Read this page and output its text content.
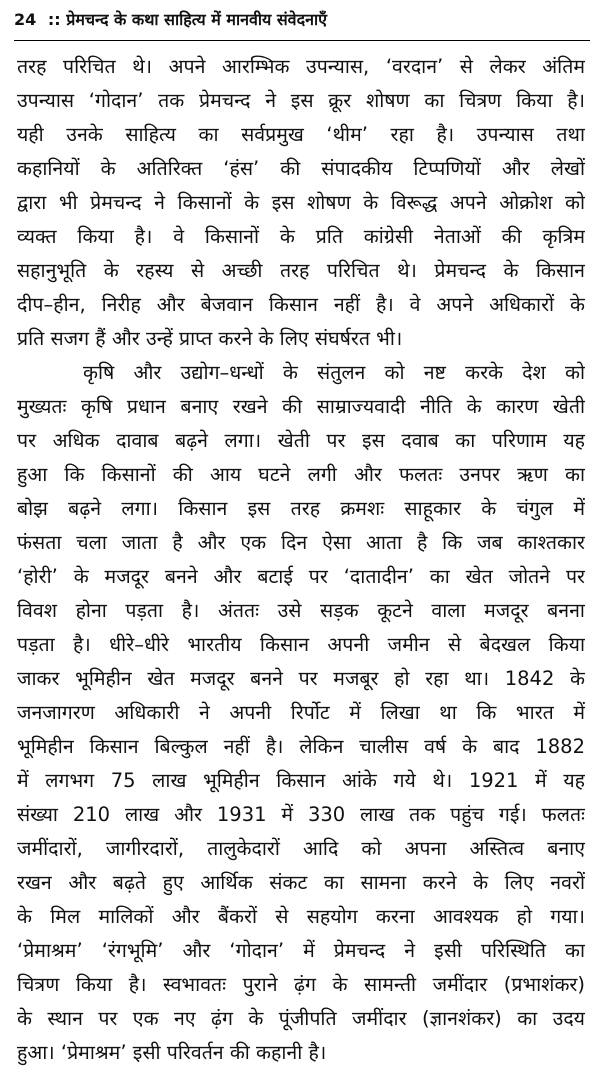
24 :: प्रेमचन्द के कथा साहित्य में मानवीय संवेदनाएँ
तरह परिचित थे। अपने आरम्भिक उपन्यास, ‘वरदान’ से लेकर अंतिम
उपन्यास ‘गोदान’ तक प्रेमचन्द ने इस क्रूर शोषण का चित्रण किया है।
यही उनके साहित्य का सर्वप्रमुख ‘थीम’ रहा है। उपन्यास तथा
कहानियों के अतिरिक्त ‘हंस’ की संपादकीय टिप्पणियों और लेखों
द्वारा भी प्रेमचन्द ने किसानों के इस शोषण के विरूद्ध अपने ओक्रोश को
व्यक्त किया है। वे किसानों के प्रति कांग्रेसी नेताओं की कृत्रिम
सहानुभूति के रहस्य से अच्छी तरह परिचित थे। प्रेमचन्द के किसान
दीप–हीन, निरीह और बेजवान किसान नहीं है। वे अपने अधिकारों के
प्रति सजग हैं और उन्हें प्राप्त करने के लिए संघर्षरत भी।
कृषि और उद्योग–धन्धों के संतुलन को नष्ट करके देश को
मुख्यतः कृषि प्रधान बनाए रखने की साम्राज्यवादी नीति के कारण खेती
पर अधिक दावाब बढ़ने लगा। खेती पर इस दवाब का परिणाम यह
हुआ कि किसानों की आय घटने लगी और फलतः उनपर ऋण का
बोझ बढ़ने लगा। किसान इस तरह क्रमशः साहूकार के चंगुल में
फंसता चला जाता है और एक दिन ऐसा आता है कि जब काश्तकार
‘होरी’ के मजदूर बनने और बटाई पर ‘दातादीन’ का खेत जोतने पर
विवश होना पड़ता है। अंततः उसे सड़क कूटने वाला मजदूर बनना
पड़ता है। धीरे–धीरे भारतीय किसान अपनी जमीन से बेदखल किया
जाकर भूमिहीन खेत मजदूर बनने पर मजबूर हो रहा था। 1842 के
जनजागरण अधिकारी ने अपनी रिर्पोट में लिखा था कि भारत में
भूमिहीन किसान बिल्कुल नहीं है। लेकिन चालीस वर्ष के बाद 1882
में लगभग 75 लाख भूमिहीन किसान आंके गये थे। 1921 में यह
संख्या 210 लाख और 1931 में 330 लाख तक पहुंच गई। फलतः
जमींदारों, जागीरदारों, तालुकेदारों आदि को अपना अस्तित्व बनाए
रखन और बढ़ते हुए आर्थिक संकट का सामना करने के लिए नवरों
के मिल मालिकों और बैंकरों से सहयोग करना आवश्यक हो गया।
‘प्रेमाश्रम’ ‘रंगभूमि’ और ‘गोदान’ में प्रेमचन्द ने इसी परिस्थिति का
चित्रण किया है। स्वभावतः पुराने ढ़ंग के सामन्ती जमींदार (प्रभाशंकर)
के स्थान पर एक नए ढ़ंग के पूंजीपति जमींदार (ज्ञानशंकर) का उदय
हुआ। ‘प्रेमाश्रम’ इसी परिवर्तन की कहानी है।
